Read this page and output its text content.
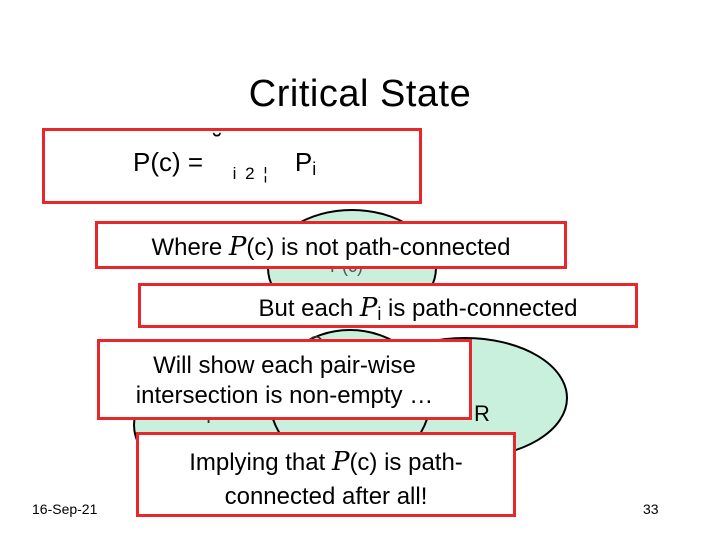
R
Critical State
P(c) = ˘ $_{i 2 ¦}$ Pi
Where P(c) is not path-connected
But each Pi is path-connected
Will show each pair-wise
intersection is non-empty …
Implying that P(c) is path-
connected after all!
16-Sep-21	33
